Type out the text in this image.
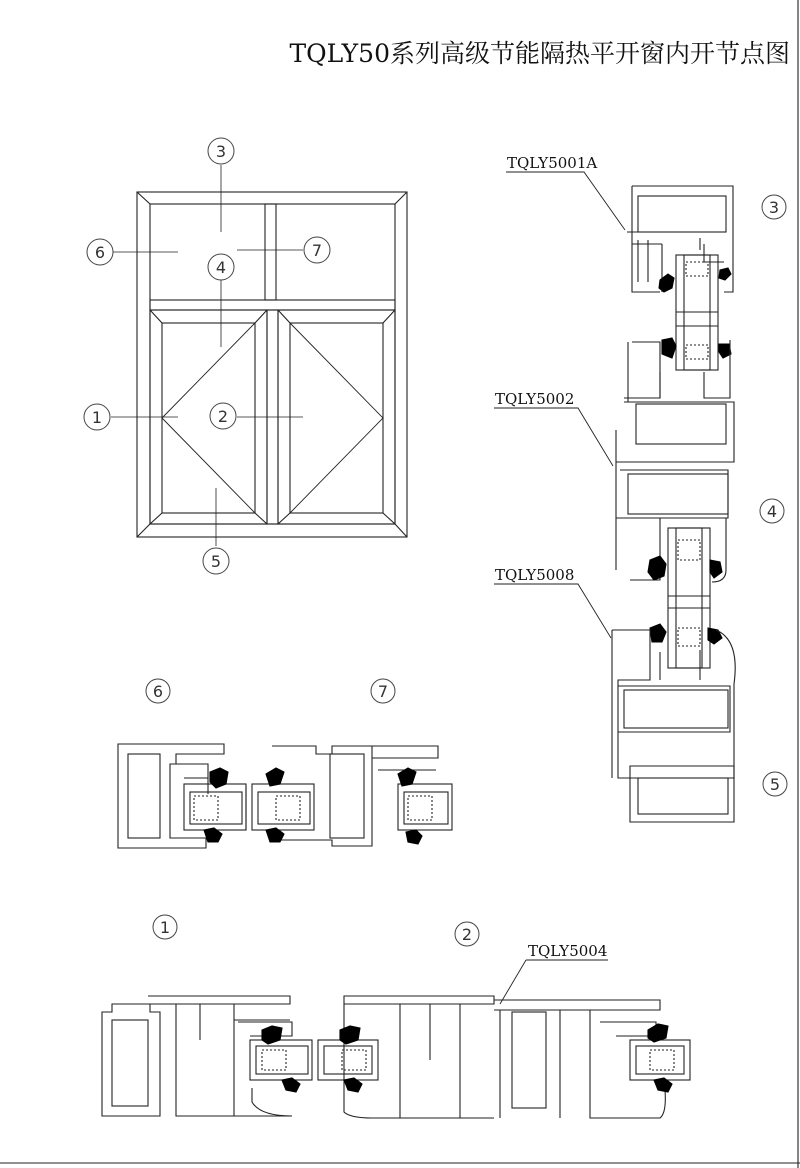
TQLY50系列高级节能隔热平开窗内开节点图
3
6	7
4
1	2
5
3
4
5
6	7
1	2
TQLY5001A
TQLY5002
TQLY5008
TQLY5004
